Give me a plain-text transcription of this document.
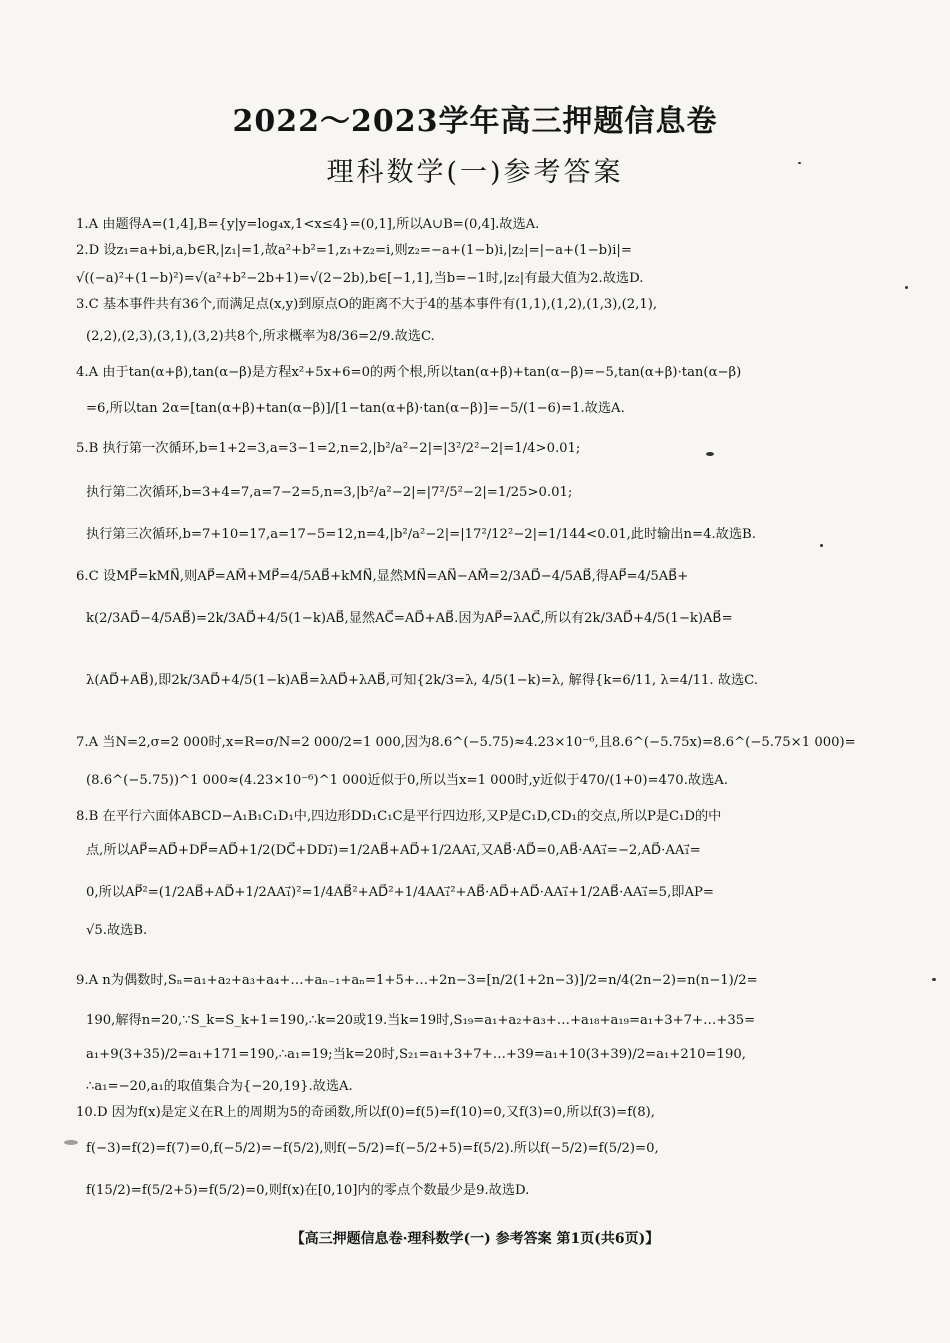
2022～2023学年高三押题信息卷
理科数学(一)参考答案
1.A 由题得A=(1,4],B={y|y=log₄x,1<x≤4}=(0,1],所以A∪B=(0,4].故选A.
2.D 设z₁=a+bi,a,b∈R,|z₁|=1,故a²+b²=1,z₁+z₂=i,则z₂=−a+(1−b)i,|z₂|=|−a+(1−b)i|=
√((−a)²+(1−b)²)=√(a²+b²−2b+1)=√(2−2b),b∈[−1,1],当b=−1时,|z₂|有最大值为2.故选D.
3.C 基本事件共有36个,而满足点(x,y)到原点O的距离不大于4的基本事件有(1,1),(1,2),(1,3),(2,1),
(2,2),(2,3),(3,1),(3,2)共8个,所求概率为8/36=2/9.故选C.
4.A 由于tan(α+β),tan(α−β)是方程x²+5x+6=0的两个根,所以tan(α+β)+tan(α−β)=−5,tan(α+β)·tan(α−β)
=6,所以tan 2α=[tan(α+β)+tan(α−β)]/[1−tan(α+β)·tan(α−β)]=−5/(1−6)=1.故选A.
5.B 执行第一次循环,b=1+2=3,a=3−1=2,n=2,|b²/a²−2|=|3²/2²−2|=1/4>0.01;
执行第二次循环,b=3+4=7,a=7−2=5,n=3,|b²/a²−2|=|7²/5²−2|=1/25>0.01;
执行第三次循环,b=7+10=17,a=17−5=12,n=4,|b²/a²−2|=|17²/12²−2|=1/144<0.01,此时输出n=4.故选B.
6.C 设MP⃗=kMN⃗,则AP⃗=AM⃗+MP⃗=4/5AB⃗+kMN⃗,显然MN⃗=AN⃗−AM⃗=2/3AD⃗−4/5AB⃗,得AP⃗=4/5AB⃗+
k(2/3AD⃗−4/5AB⃗)=2k/3AD⃗+4/5(1−k)AB⃗,显然AC⃗=AD⃗+AB⃗.因为AP⃗=λAC⃗,所以有2k/3AD⃗+4/5(1−k)AB⃗=
λ(AD⃗+AB⃗),即2k/3AD⃗+4/5(1−k)AB⃗=λAD⃗+λAB⃗,可知{2k/3=λ, 4/5(1−k)=λ, 解得{k=6/11, λ=4/11. 故选C.
7.A 当N=2,σ=2 000时,x=R=σ/N=2 000/2=1 000,因为8.6^(−5.75)≈4.23×10⁻⁶,且8.6^(−5.75x)=8.6^(−5.75×1 000)=
(8.6^(−5.75))^1 000≈(4.23×10⁻⁶)^1 000近似于0,所以当x=1 000时,y近似于470/(1+0)=470.故选A.
8.B 在平行六面体ABCD−A₁B₁C₁D₁中,四边形DD₁C₁C是平行四边形,又P是C₁D,CD₁的交点,所以P是C₁D的中
点,所以AP⃗=AD⃗+DP⃗=AD⃗+1/2(DC⃗+DD₁⃗)=1/2AB⃗+AD⃗+1/2AA₁⃗,又AB⃗·AD⃗=0,AB⃗·AA₁⃗=−2,AD⃗·AA₁⃗=
0,所以AP⃗²=(1/2AB⃗+AD⃗+1/2AA₁⃗)²=1/4AB⃗²+AD⃗²+1/4AA₁⃗²+AB⃗·AD⃗+AD⃗·AA₁⃗+1/2AB⃗·AA₁⃗=5,即AP=
√5.故选B.
9.A n为偶数时,Sₙ=a₁+a₂+a₃+a₄+…+aₙ₋₁+aₙ=1+5+…+2n−3=[n/2(1+2n−3)]/2=n/4(2n−2)=n(n−1)/2=
190,解得n=20,∵S_k=S_k+1=190,∴k=20或19.当k=19时,S₁₉=a₁+a₂+a₃+…+a₁₈+a₁₉=a₁+3+7+…+35=
a₁+9(3+35)/2=a₁+171=190,∴a₁=19;当k=20时,S₂₁=a₁+3+7+…+39=a₁+10(3+39)/2=a₁+210=190,
∴a₁=−20,a₁的取值集合为{−20,19}.故选A.
10.D 因为f(x)是定义在R上的周期为5的奇函数,所以f(0)=f(5)=f(10)=0,又f(3)=0,所以f(3)=f(8),
f(−3)=f(2)=f(7)=0,f(−5/2)=−f(5/2),则f(−5/2)=f(−5/2+5)=f(5/2).所以f(−5/2)=f(5/2)=0,
f(15/2)=f(5/2+5)=f(5/2)=0,则f(x)在[0,10]内的零点个数最少是9.故选D.
【高三押题信息卷·理科数学(一) 参考答案 第1页(共6页)】
